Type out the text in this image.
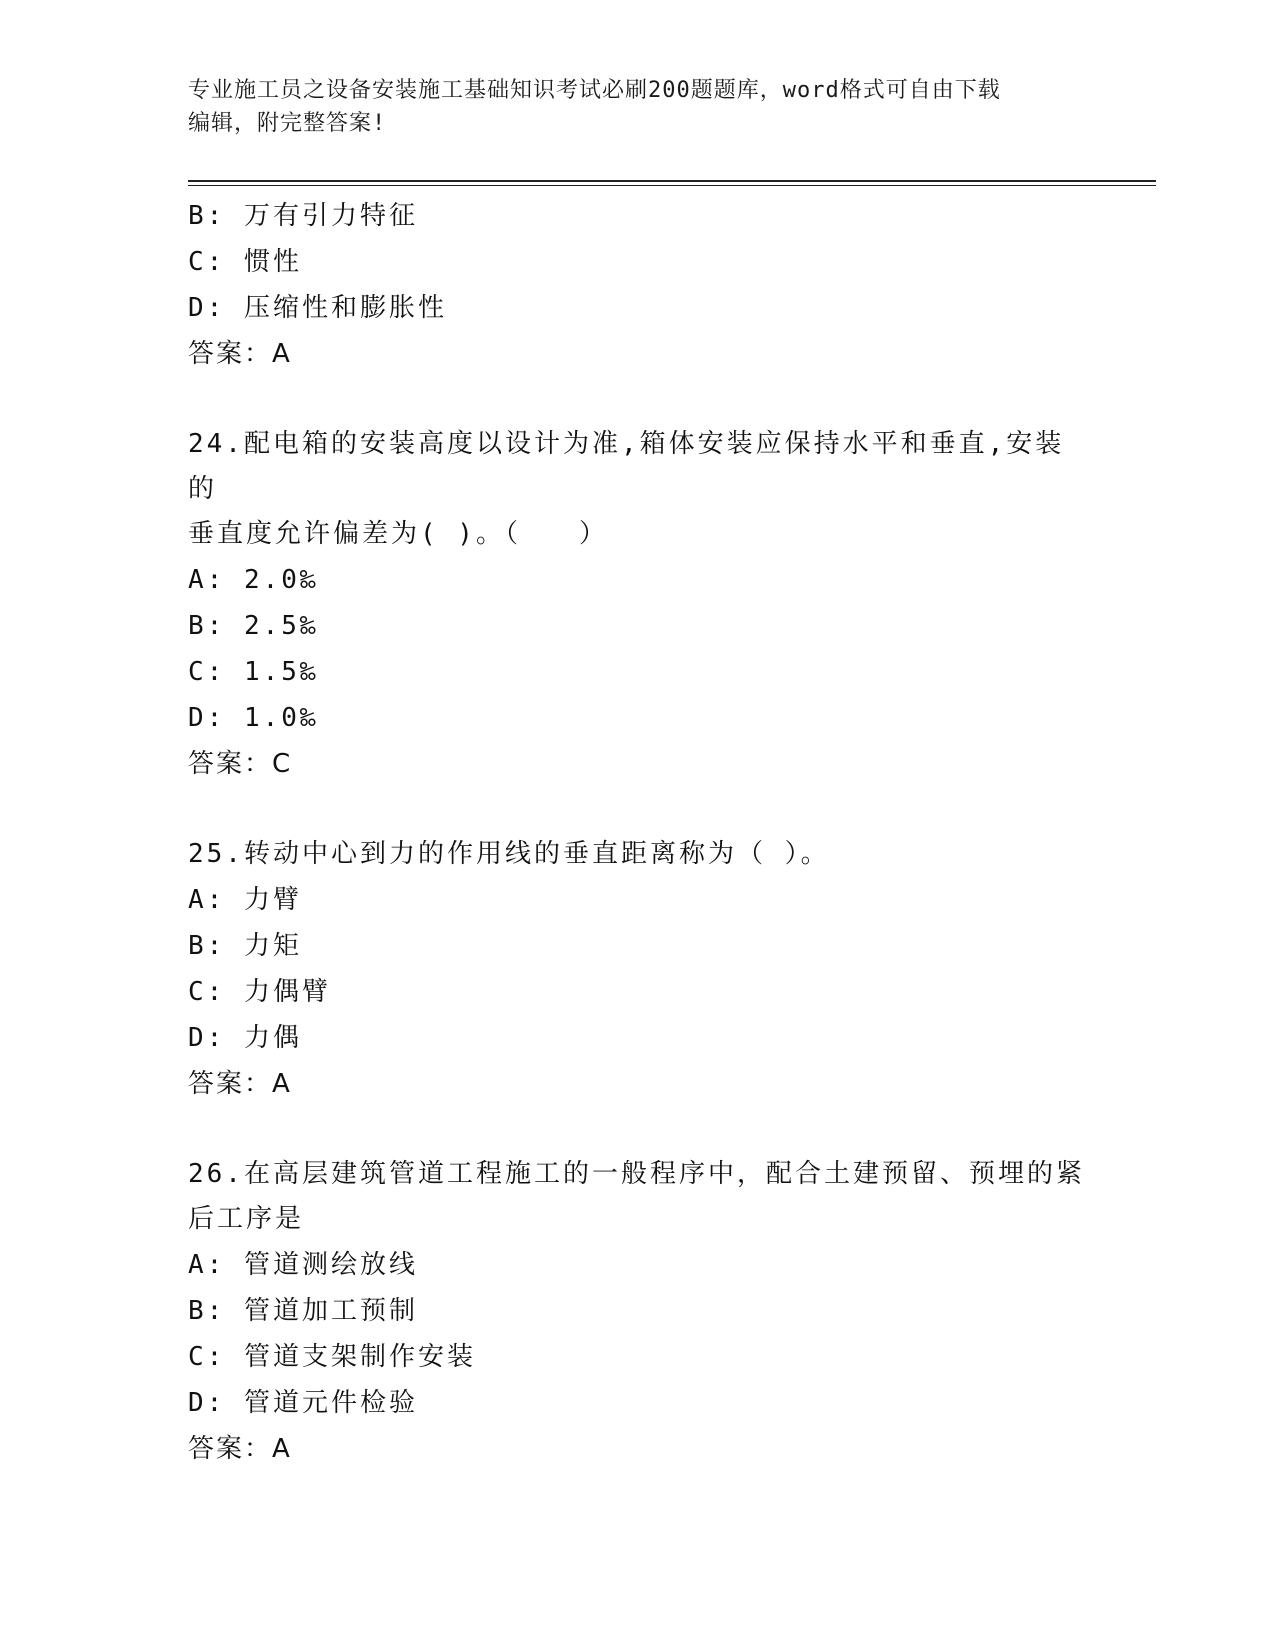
专业施工员之设备安装施工基础知识考试必刷200题题库，word格式可自由下载
编辑，附完整答案!
B: 万有引力特征
C: 惯性
D: 压缩性和膨胀性
答案：A
24.配电箱的安装高度以设计为准,箱体安装应保持水平和垂直,安装的
垂直度允许偏差为( )。（　　）
A: 2.0‰
B: 2.5‰
C: 1.5‰
D: 1.0‰
答案：C
25.转动中心到力的作用线的垂直距离称为（ ）。
A: 力臂
B: 力矩
C: 力偶臂
D: 力偶
答案：A
26.在高层建筑管道工程施工的一般程序中，配合土建预留、预埋的紧
后工序是
A: 管道测绘放线
B: 管道加工预制
C: 管道支架制作安装
D: 管道元件检验
答案：A
